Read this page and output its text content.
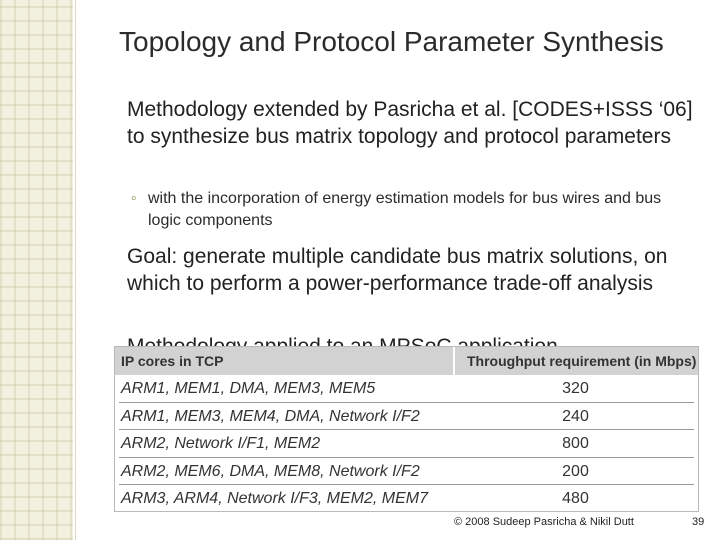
Topology and Protocol Parameter Synthesis
Methodology extended by Pasricha et al. [CODES+ISSS ‘06] to synthesize bus matrix topology and protocol parameters
◦ with the incorporation of energy estimation models for bus wires and bus logic components
Goal: generate multiple candidate bus matrix solutions, on which to perform a power-performance trade-off analysis
IP cores in TCP	Throughput requirement (in Mbps)
ARM1, MEM1, DMA, MEM3, MEM5	320
ARM1, MEM3, MEM4, DMA, Network I/F2	240
ARM2, Network I/F1, MEM2	800
ARM2, MEM6, DMA, MEM8, Network I/F2	200
ARM3, ARM4, Network I/F3, MEM2, MEM7	480
© 2008 Sudeep Pasricha & Nikil Dutt	39
